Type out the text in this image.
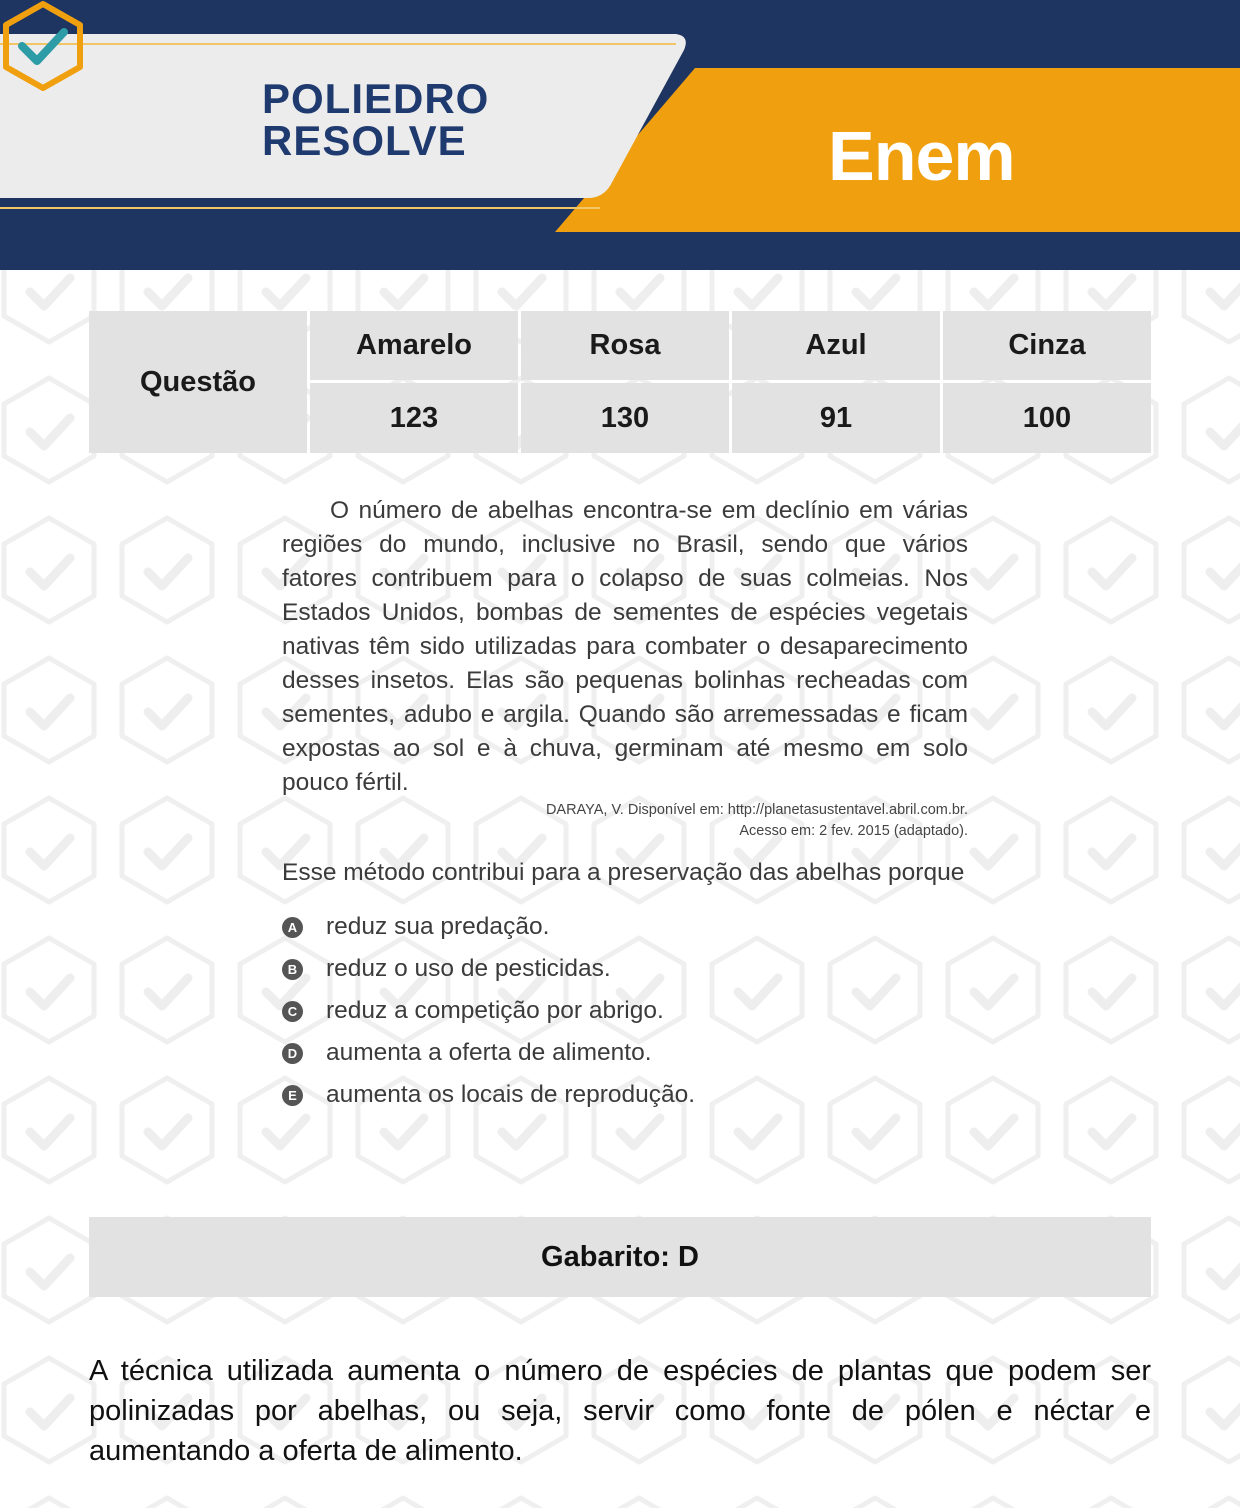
POLIEDRO
RESOLVE	Enem
Questão
Amarelo	Rosa	Azul	Cinza
123	130	91	100

O número de abelhas encontra-se em declínio em várias regiões do mundo, inclusive no Brasil, sendo que vários fatores contribuem para o colapso de suas colmeias. Nos Estados Unidos, bombas de sementes de espécies vegetais nativas têm sido utilizadas para combater o desaparecimento desses insetos. Elas são pequenas bolinhas recheadas com sementes, adubo e argila. Quando são arremessadas e ficam expostas ao sol e à chuva, germinam até mesmo em solo pouco fértil.

DARAYA, V. Disponível em: http://planetasustentavel.abril.com.br.

Acesso em: 2 fev. 2015 (adaptado).

Esse método contribui para a preservação das abelhas porque

A reduz sua predação.
B reduz o uso de pesticidas.
C reduz a competição por abrigo.
D aumenta a oferta de alimento.
E aumenta os locais de reprodução.
Gabarito: D

A técnica utilizada aumenta o número de espécies de plantas que podem ser polinizadas por abelhas, ou seja, servir como fonte de pólen e néctar e aumentando a oferta de alimento.
